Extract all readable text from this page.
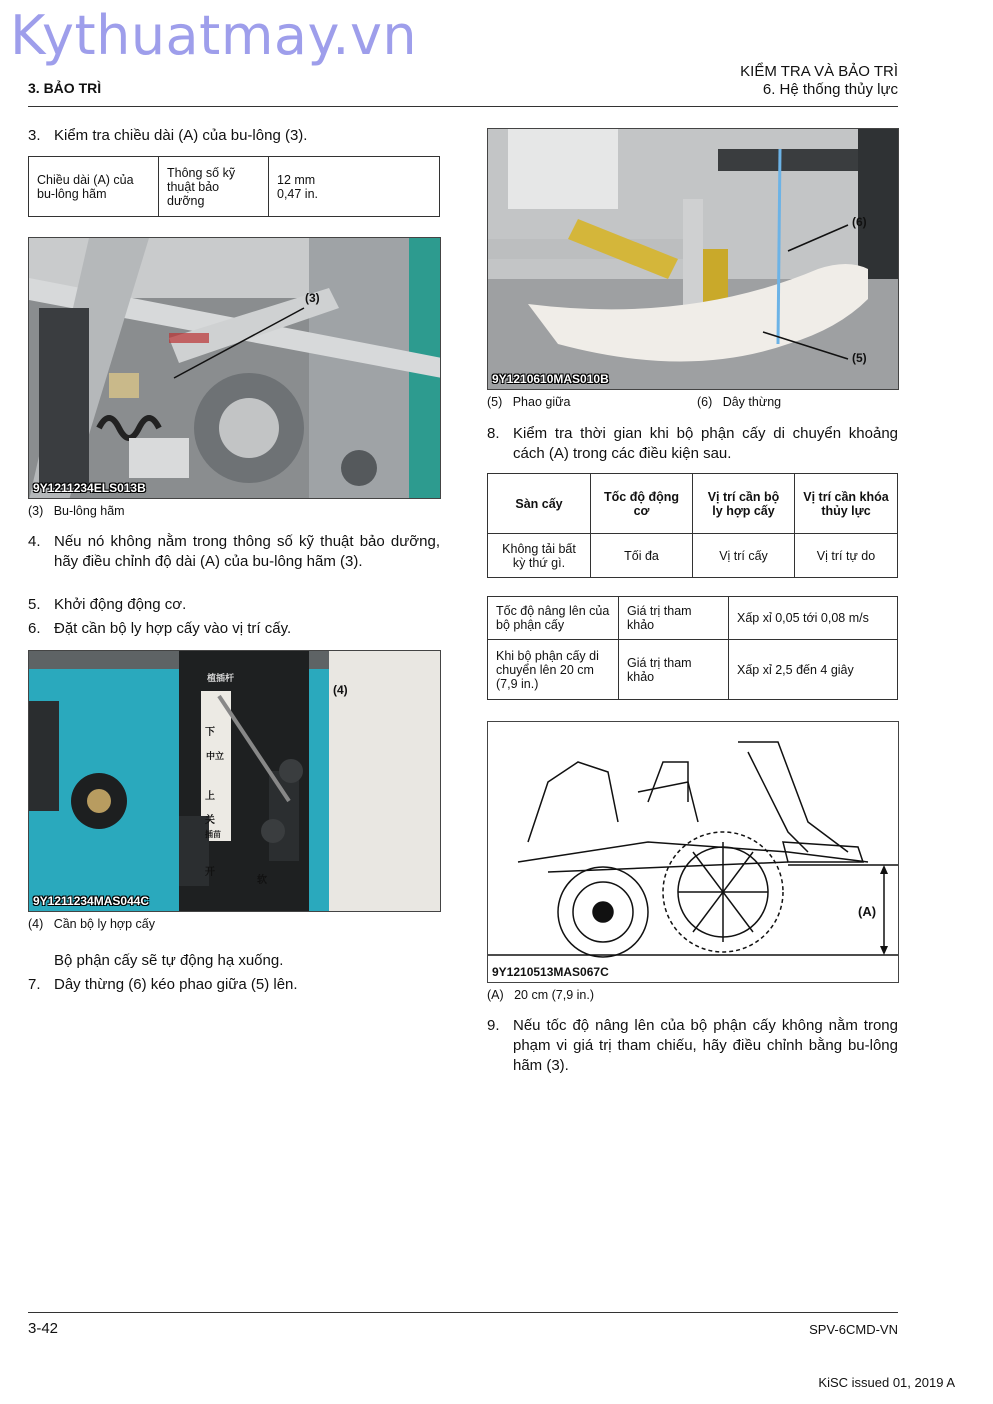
Kythuatmay.vn
3. BẢO TRÌ
KIỂM TRA VÀ BẢO TRÌ
6. Hệ thống thủy lực
3. Kiểm tra chiều dài (A) của bu-lông (3).
Chiều dài (A) của bu-lông hãm	Thông số kỹ thuật bảo dưỡng	12 mm
0,47 in.
(3)
9Y1211234ELS013B
(3) Bu-lông hãm
4. Nếu nó không nằm trong thông số kỹ thuật bảo dưỡng, hãy điều chỉnh độ dài (A) của bu-lông hãm (3).
5. Khởi động động cơ.
6. Đặt cần bộ ly hợp cấy vào vị trí cấy.
植插杆
下
中立
上
关
插苗
开
软
(4)
9Y1211234MAS044C
(4) Cần bộ ly hợp cấy
Bộ phận cấy sẽ tự động hạ xuống.
7. Dây thừng (6) kéo phao giữa (5) lên.
(6)
(5)
9Y1210610MAS010B
(5) Phao giữa	(6) Dây thừng
8. Kiểm tra thời gian khi bộ phận cấy di chuyển khoảng cách (A) trong các điều kiện sau.
Sàn cấy	Tốc độ động cơ	Vị trí cần bộ ly hợp cấy	Vị trí cần khóa thủy lực
Không tải bất kỳ thứ gì.	Tối đa	Vị trí cấy	Vị trí tự do
Tốc độ nâng lên của bộ phận cấy	Giá trị tham khảo	Xấp xỉ 0,05 tới 0,08 m/s
Khi bộ phận cấy di chuyển lên 20 cm (7,9 in.)	Giá trị tham khảo	Xấp xỉ 2,5 đến 4 giây
(A)
9Y1210513MAS067C
(A) 20 cm (7,9 in.)
9. Nếu tốc độ nâng lên của bộ phận cấy không nằm trong phạm vi giá trị tham chiếu, hãy điều chỉnh bằng bu-lông hãm (3).
3-42	SPV-6CMD-VN
KiSC issued 01, 2019 A
